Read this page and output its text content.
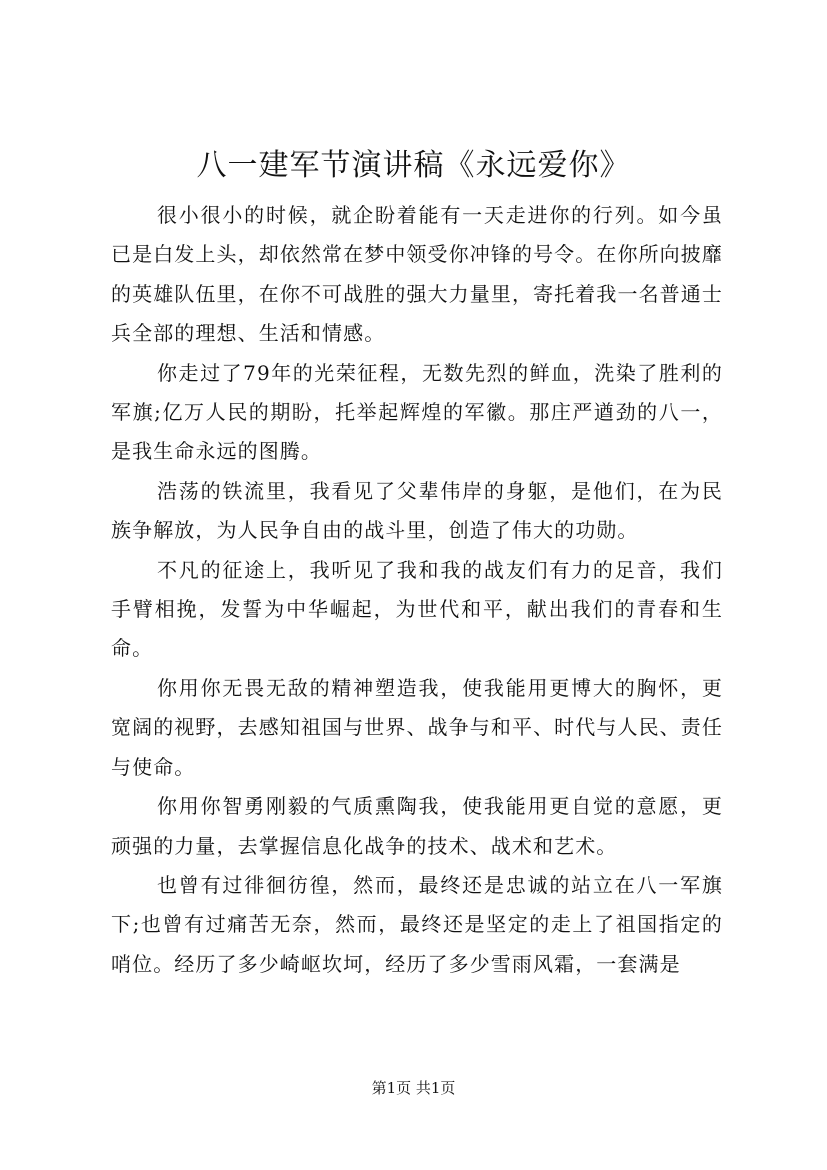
八一建军节演讲稿《永远爱你》

很小很小的时候，就企盼着能有一天走进你的行列。如今虽已是白发上头，却依然常在梦中领受你冲锋的号令。在你所向披靡的英雄队伍里，在你不可战胜的强大力量里，寄托着我一名普通士兵全部的理想、生活和情感。

你走过了79年的光荣征程，无数先烈的鲜血，洗染了胜利的军旗;亿万人民的期盼，托举起辉煌的军徽。那庄严遒劲的八一，是我生命永远的图腾。

浩荡的铁流里，我看见了父辈伟岸的身躯，是他们，在为民族争解放，为人民争自由的战斗里，创造了伟大的功勋。

不凡的征途上，我听见了我和我的战友们有力的足音，我们手臂相挽，发誓为中华崛起，为世代和平，献出我们的青春和生命。

你用你无畏无敌的精神塑造我，使我能用更博大的胸怀，更宽阔的视野，去感知祖国与世界、战争与和平、时代与人民、责任与使命。

你用你智勇刚毅的气质熏陶我，使我能用更自觉的意愿，更顽强的力量，去掌握信息化战争的技术、战术和艺术。

也曾有过徘徊彷徨，然而，最终还是忠诚的站立在八一军旗下;也曾有过痛苦无奈，然而，最终还是坚定的走上了祖国指定的哨位。经历了多少崎岖坎坷，经历了多少雪雨风霜，一套满是

第1页 共1页
